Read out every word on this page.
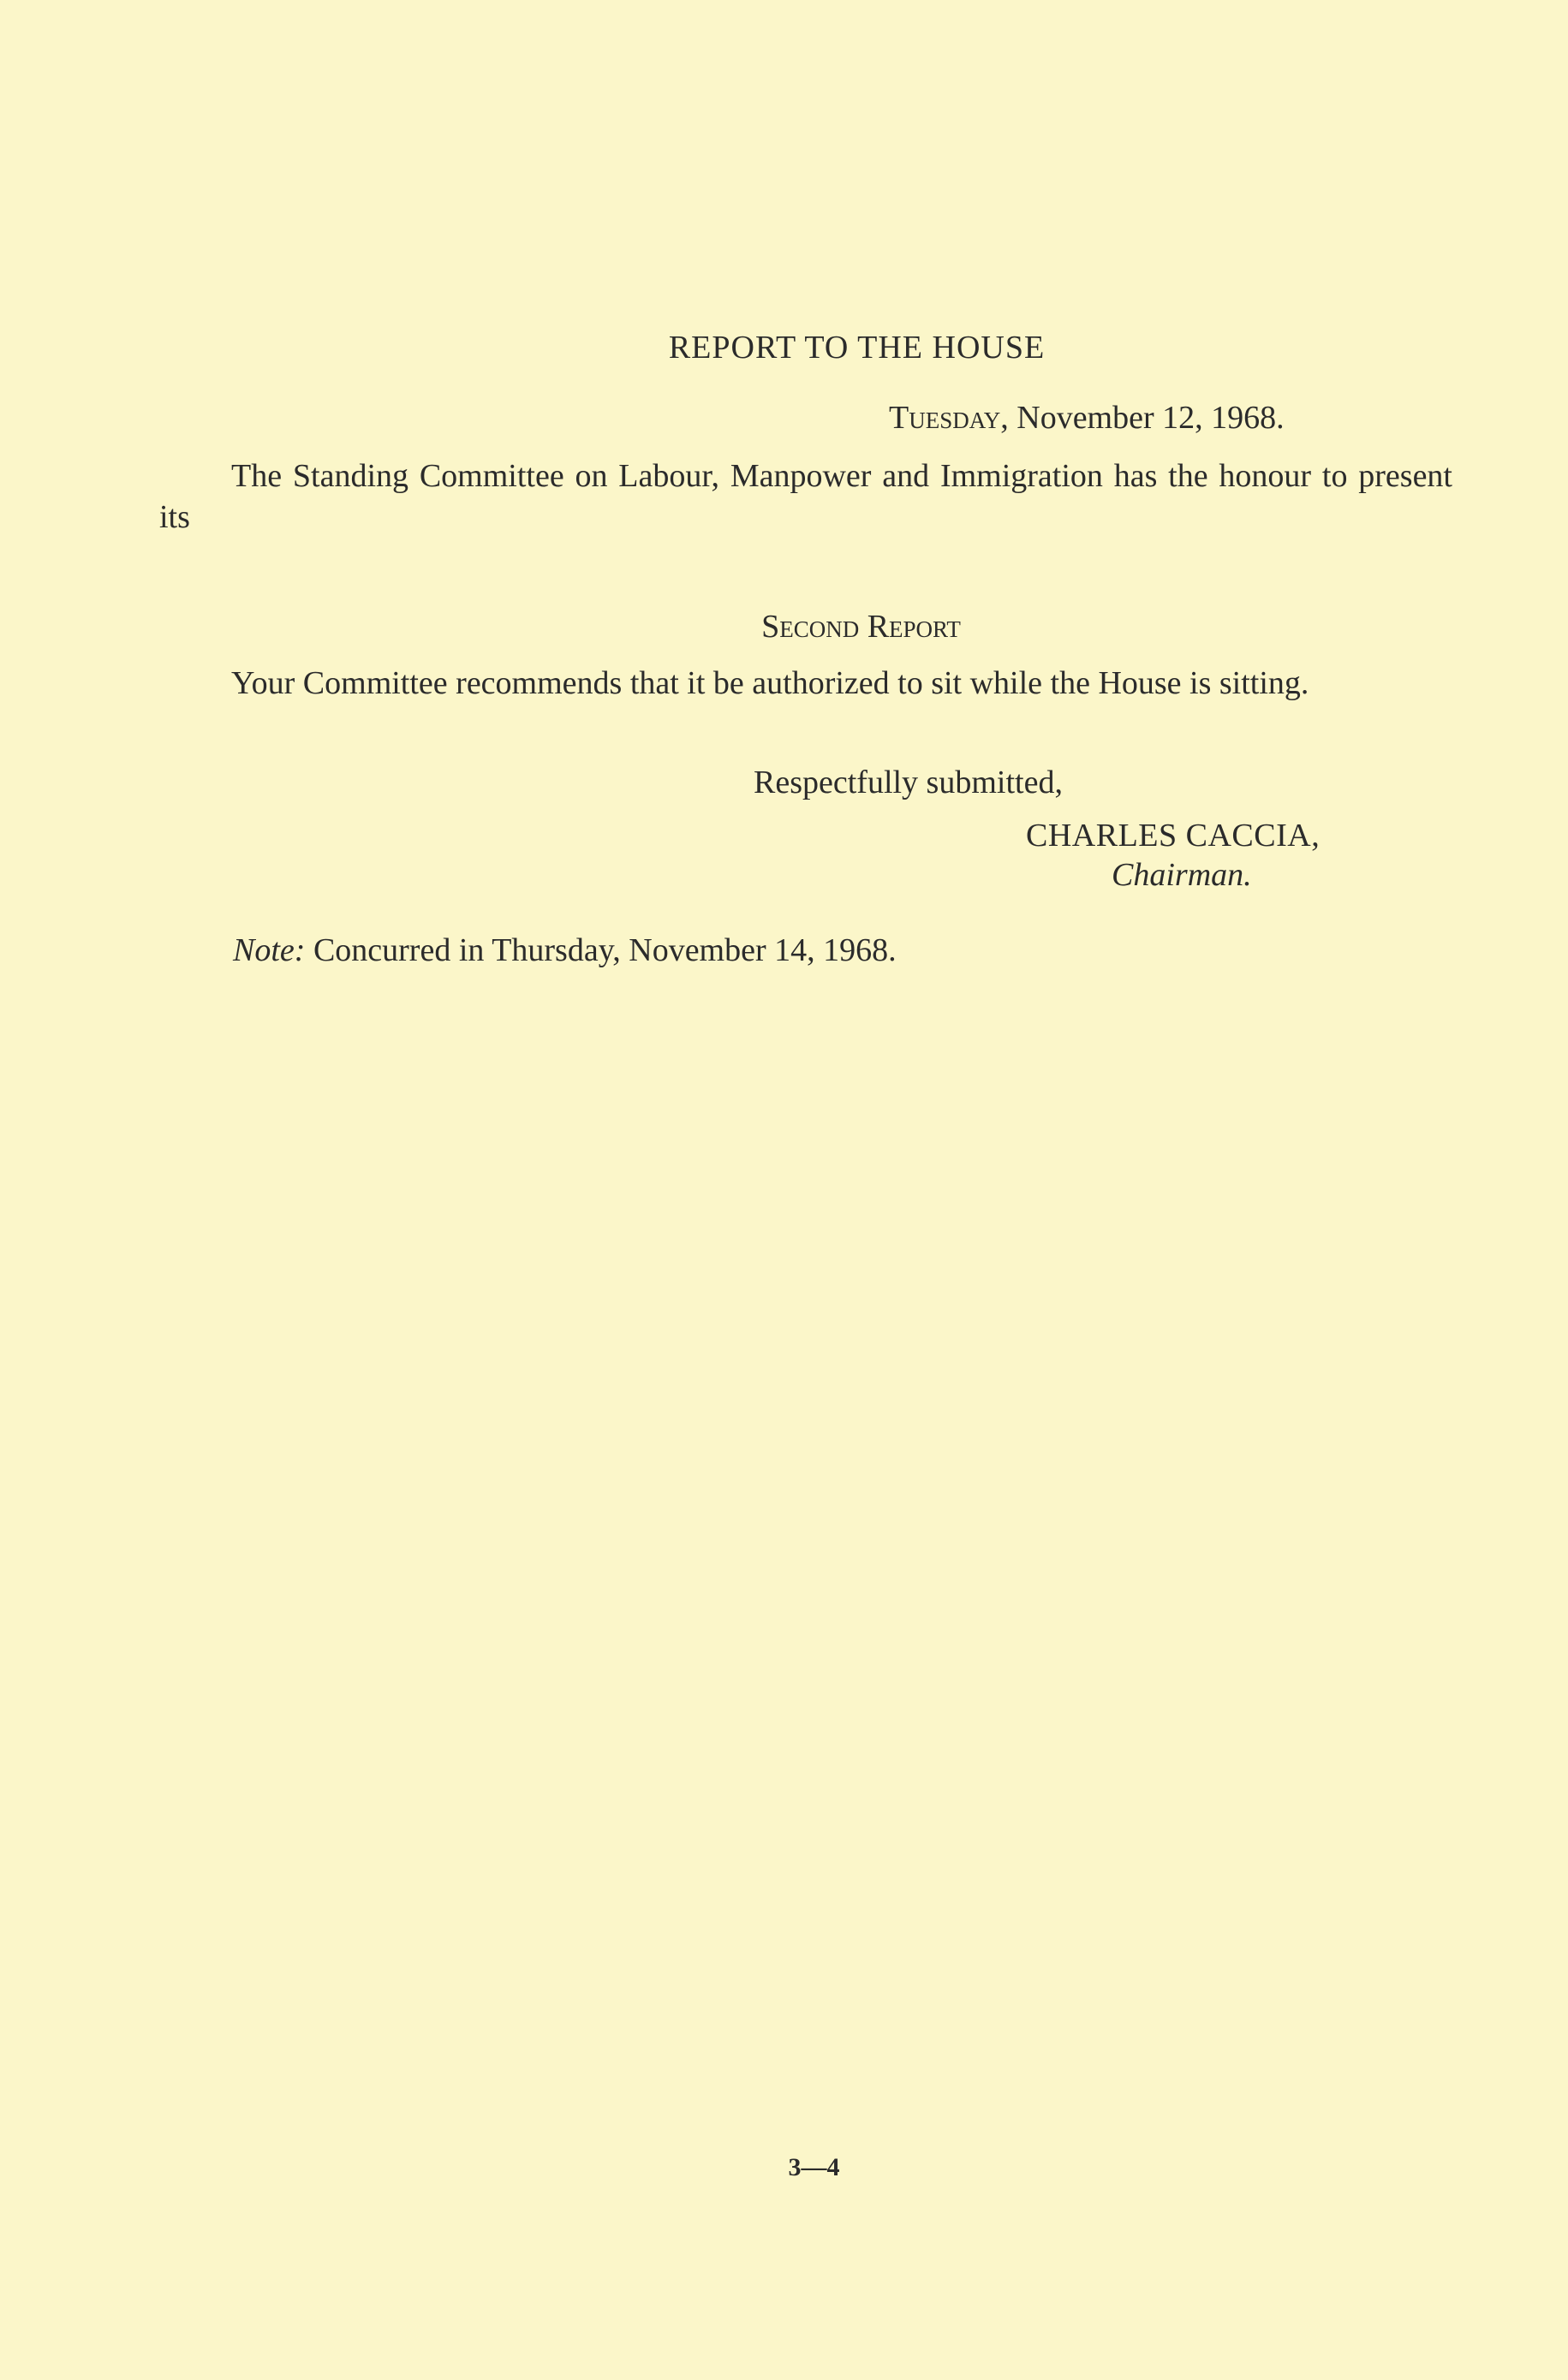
REPORT TO THE HOUSE
Tuesday, November 12, 1968.
The Standing Committee on Labour, Manpower and Immigration has the honour to present its
Second Report
Your Committee recommends that it be authorized to sit while the House is sitting.
Respectfully submitted,
CHARLES CACCIA,
Chairman.
Note: Concurred in Thursday, November 14, 1968.
3—4
